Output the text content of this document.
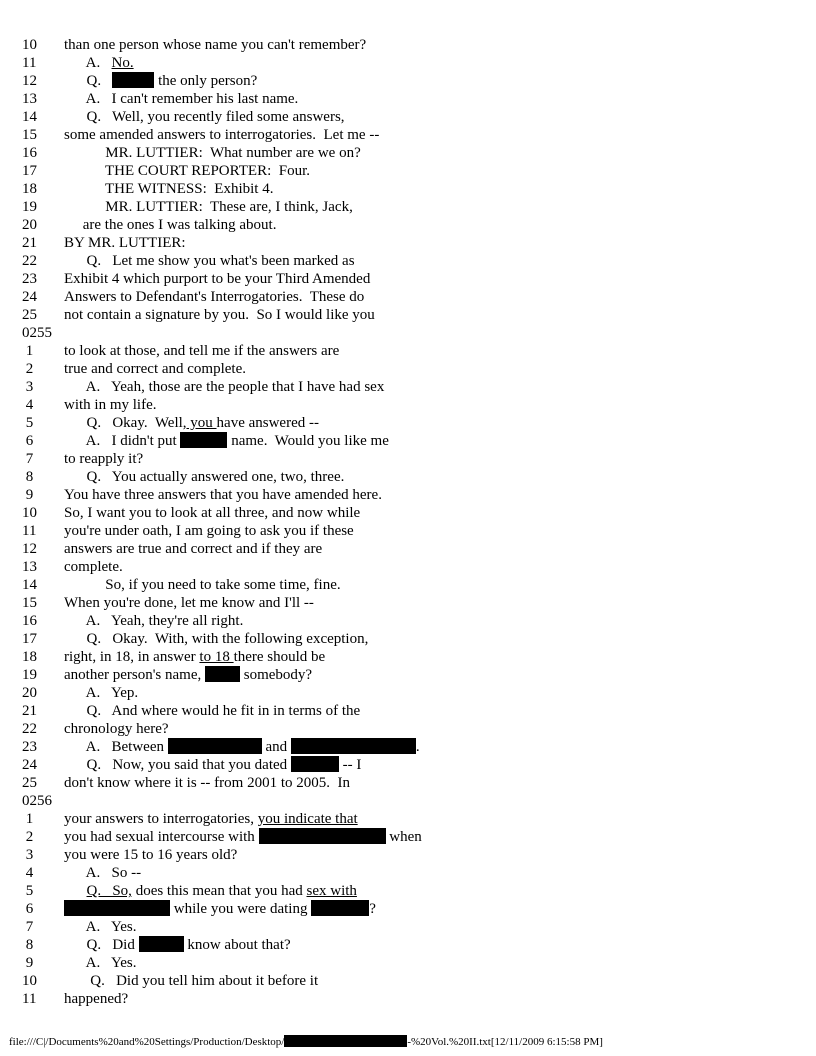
10	than one person whose name you can't remember?
11	A.   No.
12	Q.	the only person?
13	A.   I can't remember his last name.
14	Q.   Well, you recently filed some answers,
15	some amended answers to interrogatories.  Let me --
16	MR. LUTTIER:  What number are we on?
17	THE COURT REPORTER:  Four.
18	THE WITNESS:  Exhibit 4.
19	MR. LUTTIER:  These are, I think, Jack,
20	are the ones I was talking about.
21	BY MR. LUTTIER:
22	Q.   Let me show you what's been marked as
23	Exhibit 4 which purport to be your Third Amended
24	Answers to Defendant's Interrogatories.  These do
25	not contain a signature by you.  So I would like you
0255
1	to look at those, and tell me if the answers are
2	true and correct and complete.
3	A.   Yeah, those are the people that I have had sex
4	with in my life.
5	Q.   Okay.  Well, you have answered --
6	A.   I didn't put	name.  Would you like me
7	to reapply it?
8	Q.   You actually answered one, two, three.
9	You have three answers that you have amended here.
10	So, I want you to look at all three, and now while
11	you're under oath, I am going to ask you if these
12	answers are true and correct and if they are
13	complete.
14	So, if you need to take some time, fine.
15	When you're done, let me know and I'll --
16	A.   Yeah, they're all right.
17	Q.   Okay.  With, with the following exception,
18	right, in 18, in answer to 18 there should be
19	another person's name,  somebody?
20	A.   Yep.
21	Q.   And where would he fit in in terms of the
22	chronology here?
23	A.   Between	and	.
24	Q.   Now, you said that you dated	-- I
25	don't know where it is -- from 2001 to 2005.  In
0256
1	your answers to interrogatories, you indicate that
2	you had sexual intercourse with	when
3	you were 15 to 16 years old?
4	A.   So --
5	Q.   So, does this mean that you had sex with
6	while you were dating	?
7	A.   Yes.
8	Q.   Did	know about that?
9	A.   Yes.
10	Q.   Did you tell him about it before it
11	happened?
file:///C|/Documents%20and%20Settings/Production/Desktop/	-%20Vol.%20II.txt[12/11/2009 6:15:58 PM]
